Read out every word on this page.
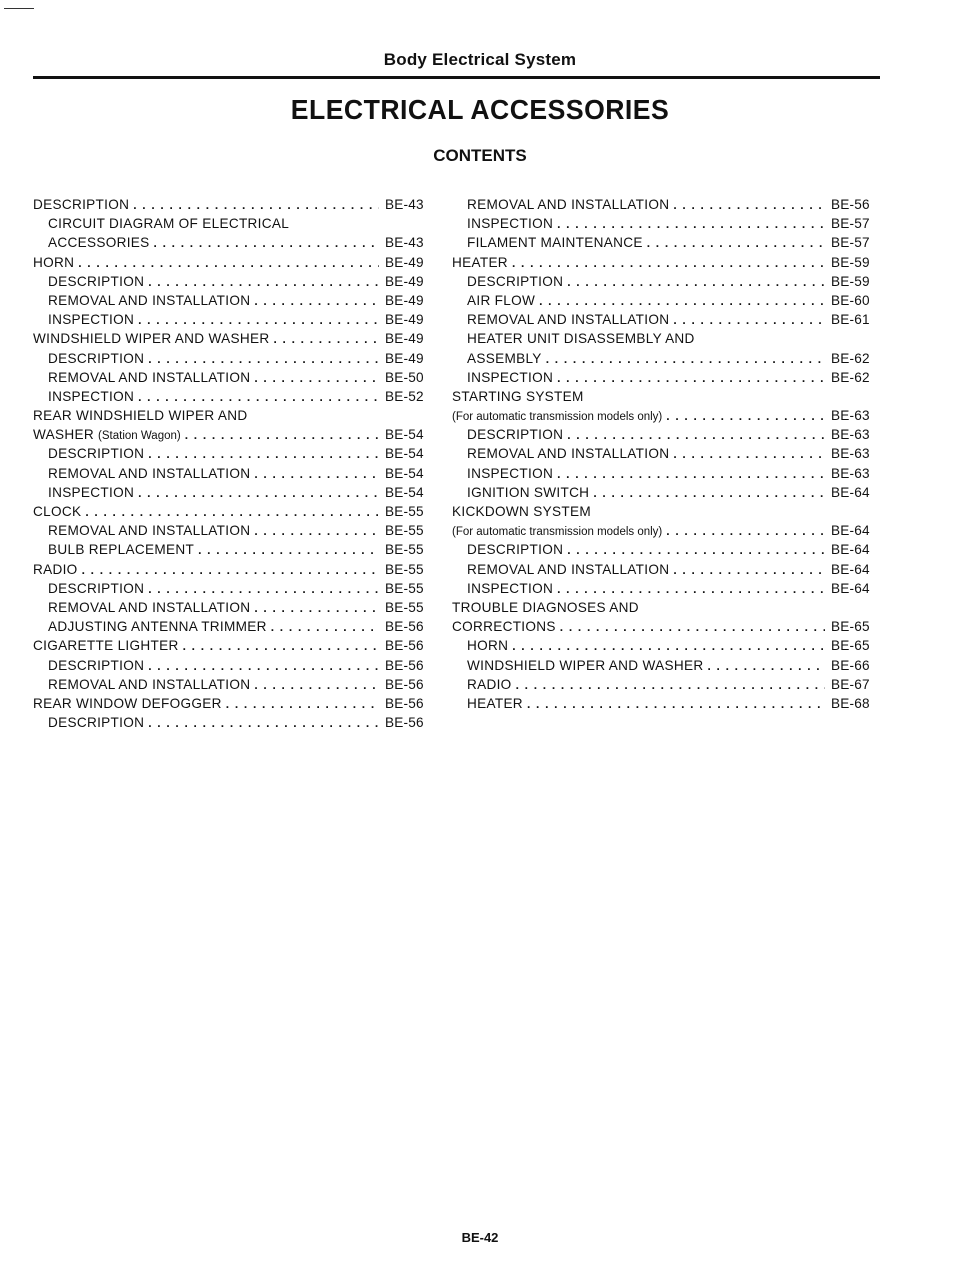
Body Electrical System
ELECTRICAL ACCESSORIES
CONTENTS
DESCRIPTION . . .	BE-43
CIRCUIT DIAGRAM OF ELECTRICAL
ACCESSORIES . . .	BE-43
HORN . . .	BE-49
DESCRIPTION . . .	BE-49
REMOVAL AND INSTALLATION . . .	BE-49
INSPECTION . . .	BE-49
WINDSHIELD WIPER AND WASHER . . .	BE-49
DESCRIPTION . . .	BE-49
REMOVAL AND INSTALLATION . . .	BE-50
INSPECTION . . .	BE-52
REAR WINDSHIELD WIPER AND
WASHER (Station Wagon) . . .	BE-54
DESCRIPTION . . .	BE-54
REMOVAL AND INSTALLATION . . .	BE-54
INSPECTION . . .	BE-54
CLOCK . . .	BE-55
REMOVAL AND INSTALLATION . . .	BE-55
BULB REPLACEMENT . . .	BE-55
RADIO . . .	BE-55
DESCRIPTION . . .	BE-55
REMOVAL AND INSTALLATION . . .	BE-55
ADJUSTING ANTENNA TRIMMER . . .	BE-56
CIGARETTE LIGHTER . . .	BE-56
DESCRIPTION . . .	BE-56
REMOVAL AND INSTALLATION . . .	BE-56
REAR WINDOW DEFOGGER . . .	BE-56
DESCRIPTION . . .	BE-56
REMOVAL AND INSTALLATION . . .	BE-56
INSPECTION . . .	BE-57
FILAMENT MAINTENANCE . . .	BE-57
HEATER . . .	BE-59
DESCRIPTION . . .	BE-59
AIR FLOW . . .	BE-60
REMOVAL AND INSTALLATION . . .	BE-61
HEATER UNIT DISASSEMBLY AND
ASSEMBLY . . .	BE-62
INSPECTION . . .	BE-62
STARTING SYSTEM
(For automatic transmission models only) . . .	BE-63
DESCRIPTION . . .	BE-63
REMOVAL AND INSTALLATION . . .	BE-63
INSPECTION . . .	BE-63
IGNITION SWITCH . . .	BE-64
KICKDOWN SYSTEM
(For automatic transmission models only) . . .	BE-64
DESCRIPTION . . .	BE-64
REMOVAL AND INSTALLATION . . .	BE-64
INSPECTION . . .	BE-64
TROUBLE DIAGNOSES AND
CORRECTIONS . . .	BE-65
HORN . . .	BE-65
WINDSHIELD WIPER AND WASHER . . .	BE-66
RADIO . . .	BE-67
HEATER . . .	BE-68
BE-42
